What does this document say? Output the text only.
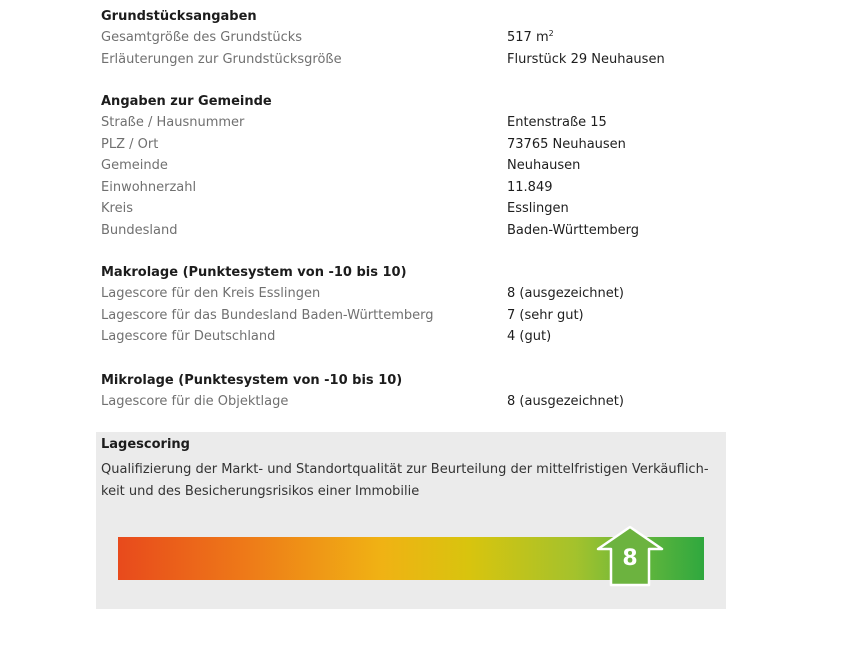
Grundstücksangaben
Gesamtgröße des Grundstücks	517 $m^2$
Erläuterungen zur Grundstücksgröße	Flurstück 29 Neuhausen
Angaben zur Gemeinde
Straße / Hausnummer	Entenstraße 15
PLZ / Ort	73765 Neuhausen
Gemeinde	Neuhausen
Einwohnerzahl	11.849
Kreis	Esslingen
Bundesland	Baden-Württemberg
Makrolage (Punktesystem von -10 bis 10)
Lagescore für den Kreis Esslingen	8 (ausgezeichnet)
Lagescore für das Bundesland Baden-Württemberg	7 (sehr gut)
Lagescore für Deutschland	4 (gut)
Mikrolage (Punktesystem von -10 bis 10)
Lagescore für die Objektlage	8 (ausgezeichnet)
Lagescoring
Qualifizierung der Markt- und Standortqualität zur Beurteilung der mittelfristigen Verkäuflich-keit und des Besicherungsrisikos einer Immobilie
8
